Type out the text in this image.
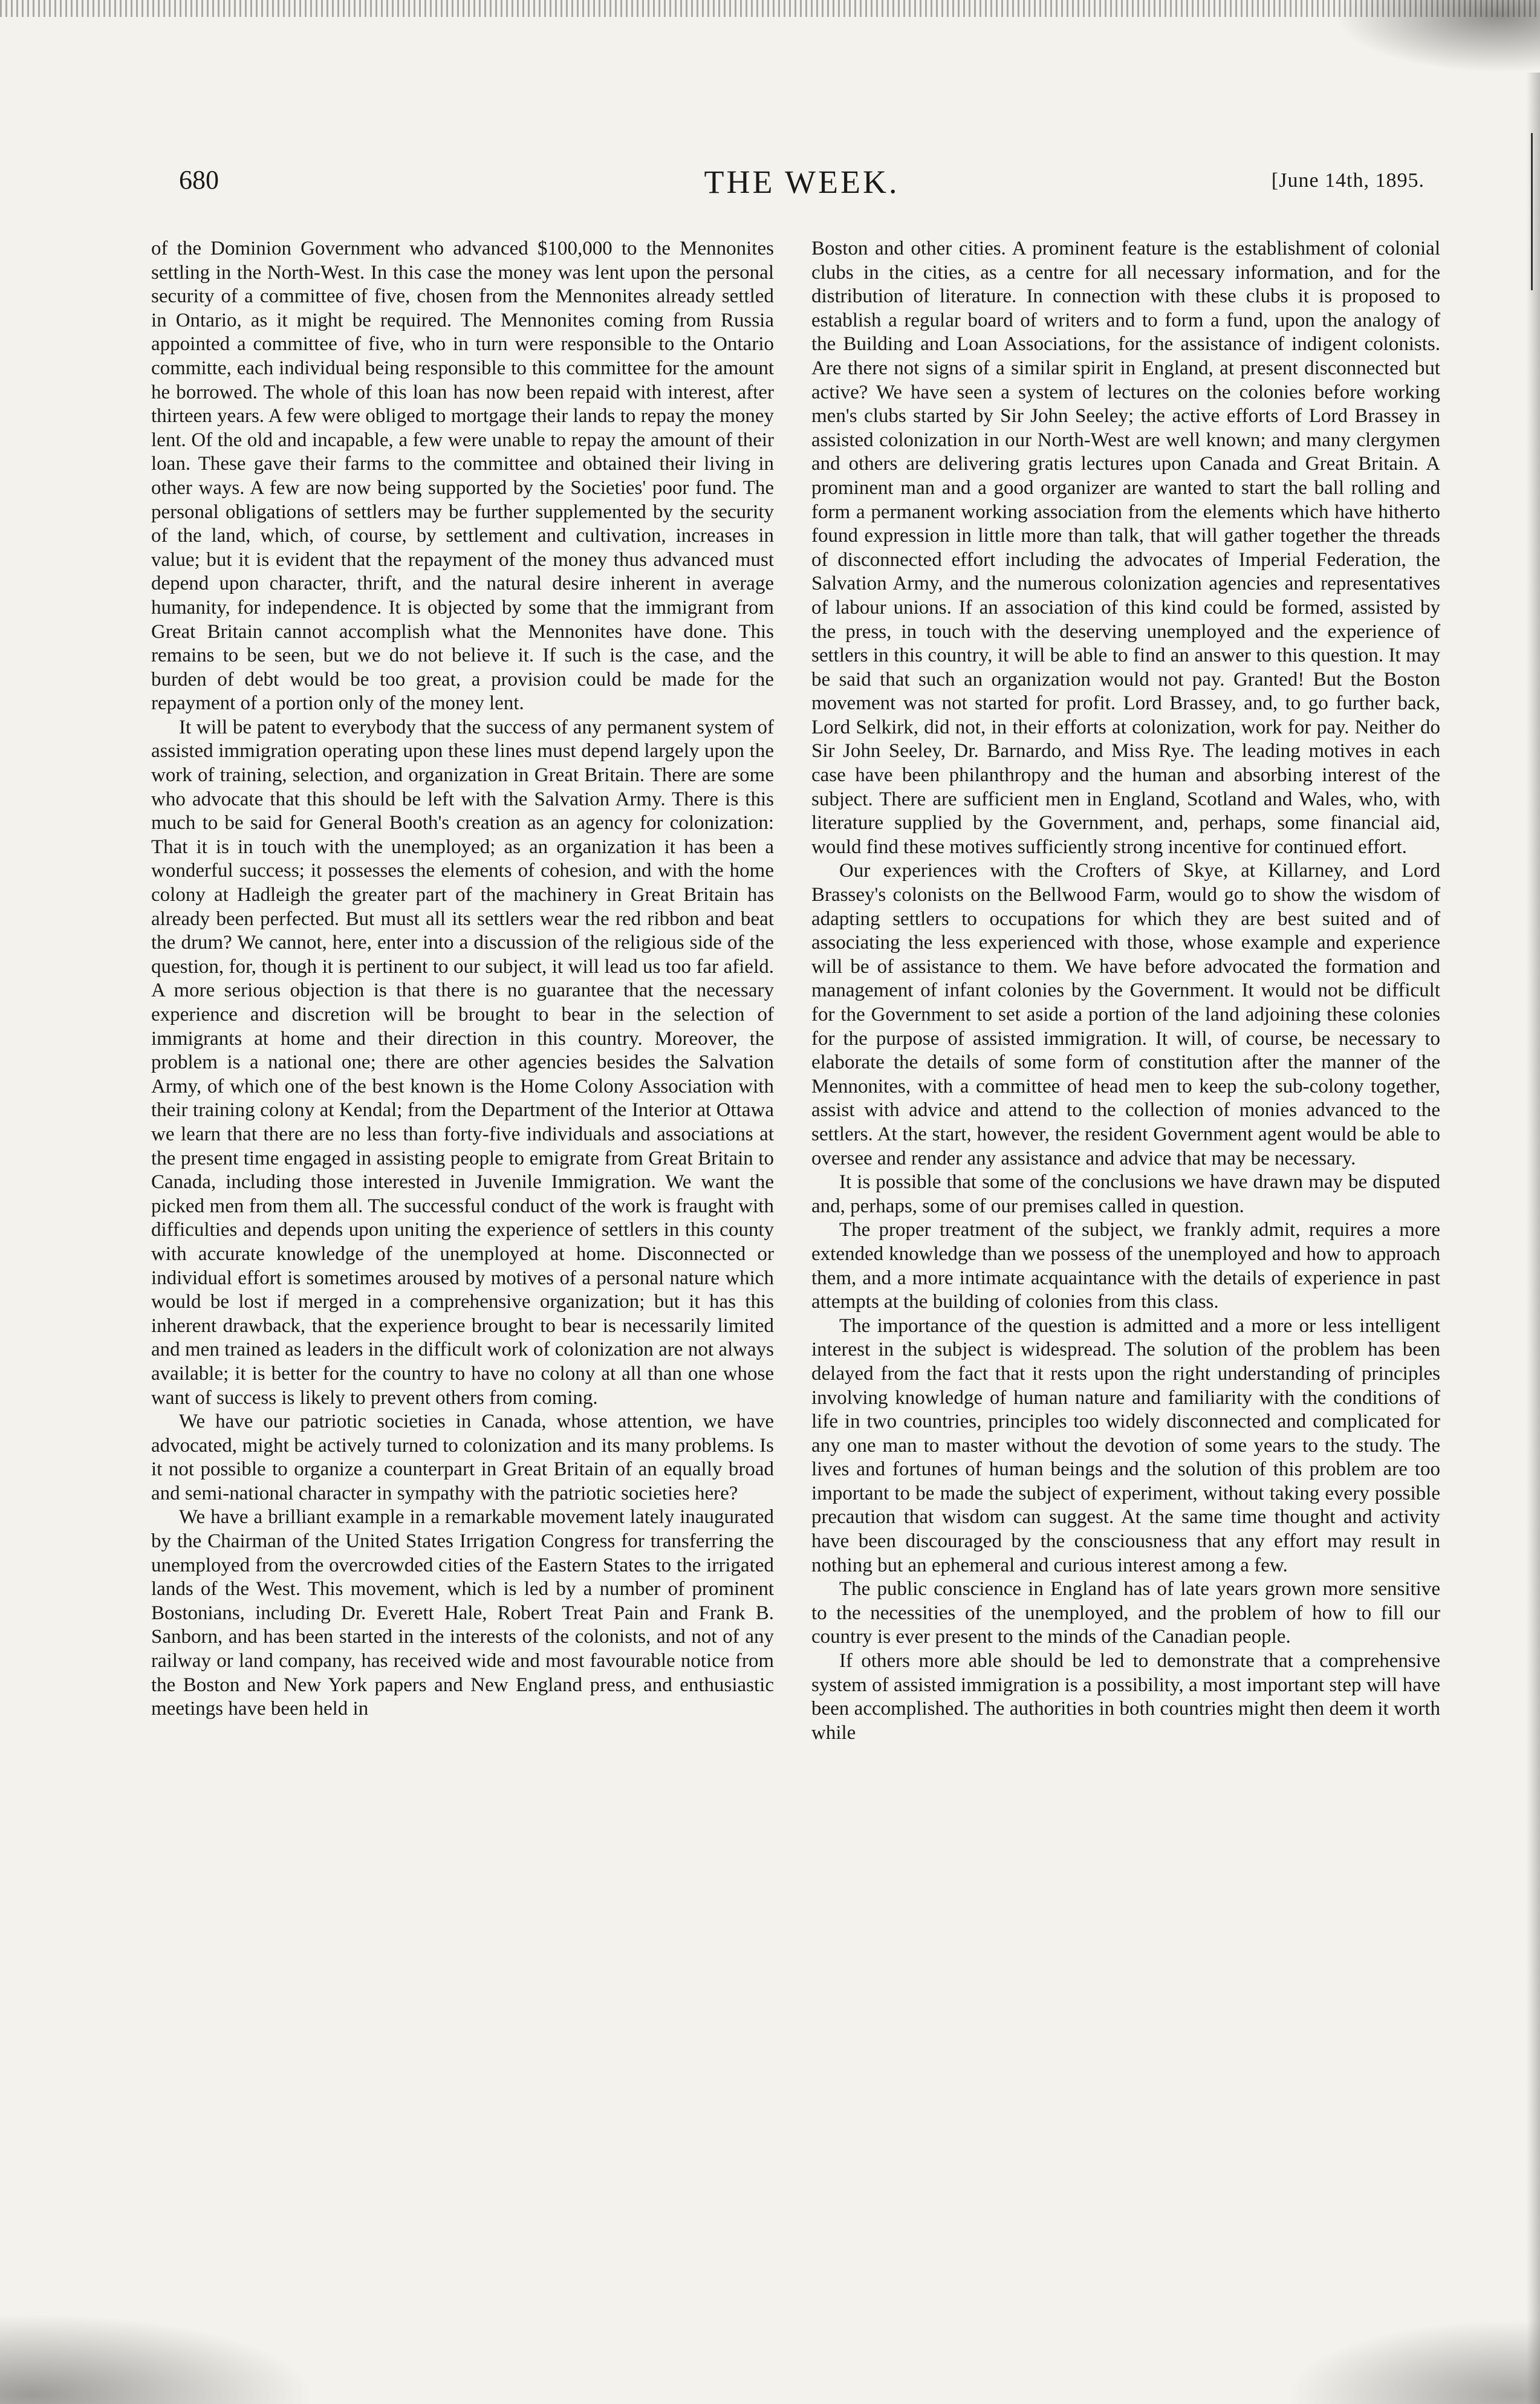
680	THE WEEK.	[June 14th, 1895.

of the Dominion Government who advanced $100,000 to the Mennonites settling in the North-West. In this case the money was lent upon the personal security of a committee of five, chosen from the Mennonites already settled in Ontario, as it might be required. The Mennonites coming from Russia appointed a committee of five, who in turn were responsible to the Ontario committe, each individual being responsible to this committee for the amount he borrowed. The whole of this loan has now been repaid with interest, after thirteen years. A few were obliged to mortgage their lands to repay the money lent. Of the old and incapable, a few were unable to repay the amount of their loan. These gave their farms to the committee and obtained their living in other ways. A few are now being supported by the Societies' poor fund. The personal obligations of settlers may be further supplemented by the security of the land, which, of course, by settlement and cultivation, increases in value; but it is evident that the repayment of the money thus advanced must depend upon character, thrift, and the natural desire inherent in average humanity, for independence. It is objected by some that the immigrant from Great Britain cannot accomplish what the Mennonites have done. This remains to be seen, but we do not believe it. If such is the case, and the burden of debt would be too great, a provision could be made for the repayment of a portion only of the money lent.

It will be patent to everybody that the success of any permanent system of assisted immigration operating upon these lines must depend largely upon the work of training, selection, and organization in Great Britain. There are some who advocate that this should be left with the Salvation Army. There is this much to be said for General Booth's creation as an agency for colonization: That it is in touch with the unemployed; as an organization it has been a wonderful success; it possesses the elements of cohesion, and with the home colony at Hadleigh the greater part of the machinery in Great Britain has already been perfected. But must all its settlers wear the red ribbon and beat the drum? We cannot, here, enter into a discussion of the religious side of the question, for, though it is pertinent to our subject, it will lead us too far afield. A more serious objection is that there is no guarantee that the necessary experience and discretion will be brought to bear in the selection of immigrants at home and their direction in this country. Moreover, the problem is a national one; there are other agencies besides the Salvation Army, of which one of the best known is the Home Colony Association with their training colony at Kendal; from the Department of the Interior at Ottawa we learn that there are no less than forty-five individuals and associations at the present time engaged in assisting people to emigrate from Great Britain to Canada, including those interested in Juvenile Immigration. We want the picked men from them all. The successful conduct of the work is fraught with difficulties and depends upon uniting the experience of settlers in this county with accurate knowledge of the unemployed at home. Disconnected or individual effort is sometimes aroused by motives of a personal nature which would be lost if merged in a comprehensive organization; but it has this inherent drawback, that the experience brought to bear is necessarily limited and men trained as leaders in the difficult work of colonization are not always available; it is better for the country to have no colony at all than one whose want of success is likely to prevent others from coming.

We have our patriotic societies in Canada, whose attention, we have advocated, might be actively turned to colonization and its many problems. Is it not possible to organize a counterpart in Great Britain of an equally broad and semi-national character in sympathy with the patriotic societies here?

We have a brilliant example in a remarkable movement lately inaugurated by the Chairman of the United States Irrigation Congress for transferring the unemployed from the overcrowded cities of the Eastern States to the irrigated lands of the West. This movement, which is led by a number of prominent Bostonians, including Dr. Everett Hale, Robert Treat Pain and Frank B. Sanborn, and has been started in the interests of the colonists, and not of any railway or land company, has received wide and most favourable notice from the Boston and New York papers and New England press, and enthusiastic meetings have been held in

Boston and other cities. A prominent feature is the establishment of colonial clubs in the cities, as a centre for all necessary information, and for the distribution of literature. In connection with these clubs it is proposed to establish a regular board of writers and to form a fund, upon the analogy of the Building and Loan Associations, for the assistance of indigent colonists. Are there not signs of a similar spirit in England, at present disconnected but active? We have seen a system of lectures on the colonies before working men's clubs started by Sir John Seeley; the active efforts of Lord Brassey in assisted colonization in our North-West are well known; and many clergymen and others are delivering gratis lectures upon Canada and Great Britain. A prominent man and a good organizer are wanted to start the ball rolling and form a permanent working association from the elements which have hitherto found expression in little more than talk, that will gather together the threads of disconnected effort including the advocates of Imperial Federation, the Salvation Army, and the numerous colonization agencies and representatives of labour unions. If an association of this kind could be formed, assisted by the press, in touch with the deserving unemployed and the experience of settlers in this country, it will be able to find an answer to this question. It may be said that such an organization would not pay. Granted! But the Boston movement was not started for profit. Lord Brassey, and, to go further back, Lord Selkirk, did not, in their efforts at colonization, work for pay. Neither do Sir John Seeley, Dr. Barnardo, and Miss Rye. The leading motives in each case have been philanthropy and the human and absorbing interest of the subject. There are sufficient men in England, Scotland and Wales, who, with literature supplied by the Government, and, perhaps, some financial aid, would find these motives sufficiently strong incentive for continued effort.

Our experiences with the Crofters of Skye, at Killarney, and Lord Brassey's colonists on the Bellwood Farm, would go to show the wisdom of adapting settlers to occupations for which they are best suited and of associating the less experienced with those, whose example and experience will be of assistance to them. We have before advocated the formation and management of infant colonies by the Government. It would not be difficult for the Government to set aside a portion of the land adjoining these colonies for the purpose of assisted immigration. It will, of course, be necessary to elaborate the details of some form of constitution after the manner of the Mennonites, with a committee of head men to keep the sub-colony together, assist with advice and attend to the collection of monies advanced to the settlers. At the start, however, the resident Government agent would be able to oversee and render any assistance and advice that may be necessary.

It is possible that some of the conclusions we have drawn may be disputed and, perhaps, some of our premises called in question.

The proper treatment of the subject, we frankly admit, requires a more extended knowledge than we possess of the unemployed and how to approach them, and a more intimate acquaintance with the details of experience in past attempts at the building of colonies from this class.

The importance of the question is admitted and a more or less intelligent interest in the subject is widespread. The solution of the problem has been delayed from the fact that it rests upon the right understanding of principles involving knowledge of human nature and familiarity with the conditions of life in two countries, principles too widely disconnected and complicated for any one man to master without the devotion of some years to the study. The lives and fortunes of human beings and the solution of this problem are too important to be made the subject of experiment, without taking every possible precaution that wisdom can suggest. At the same time thought and activity have been discouraged by the consciousness that any effort may result in nothing but an ephemeral and curious interest among a few.

The public conscience in England has of late years grown more sensitive to the necessities of the unemployed, and the problem of how to fill our country is ever present to the minds of the Canadian people.

If others more able should be led to demonstrate that a comprehensive system of assisted immigration is a possibility, a most important step will have been accomplished. The authorities in both countries might then deem it worth while
